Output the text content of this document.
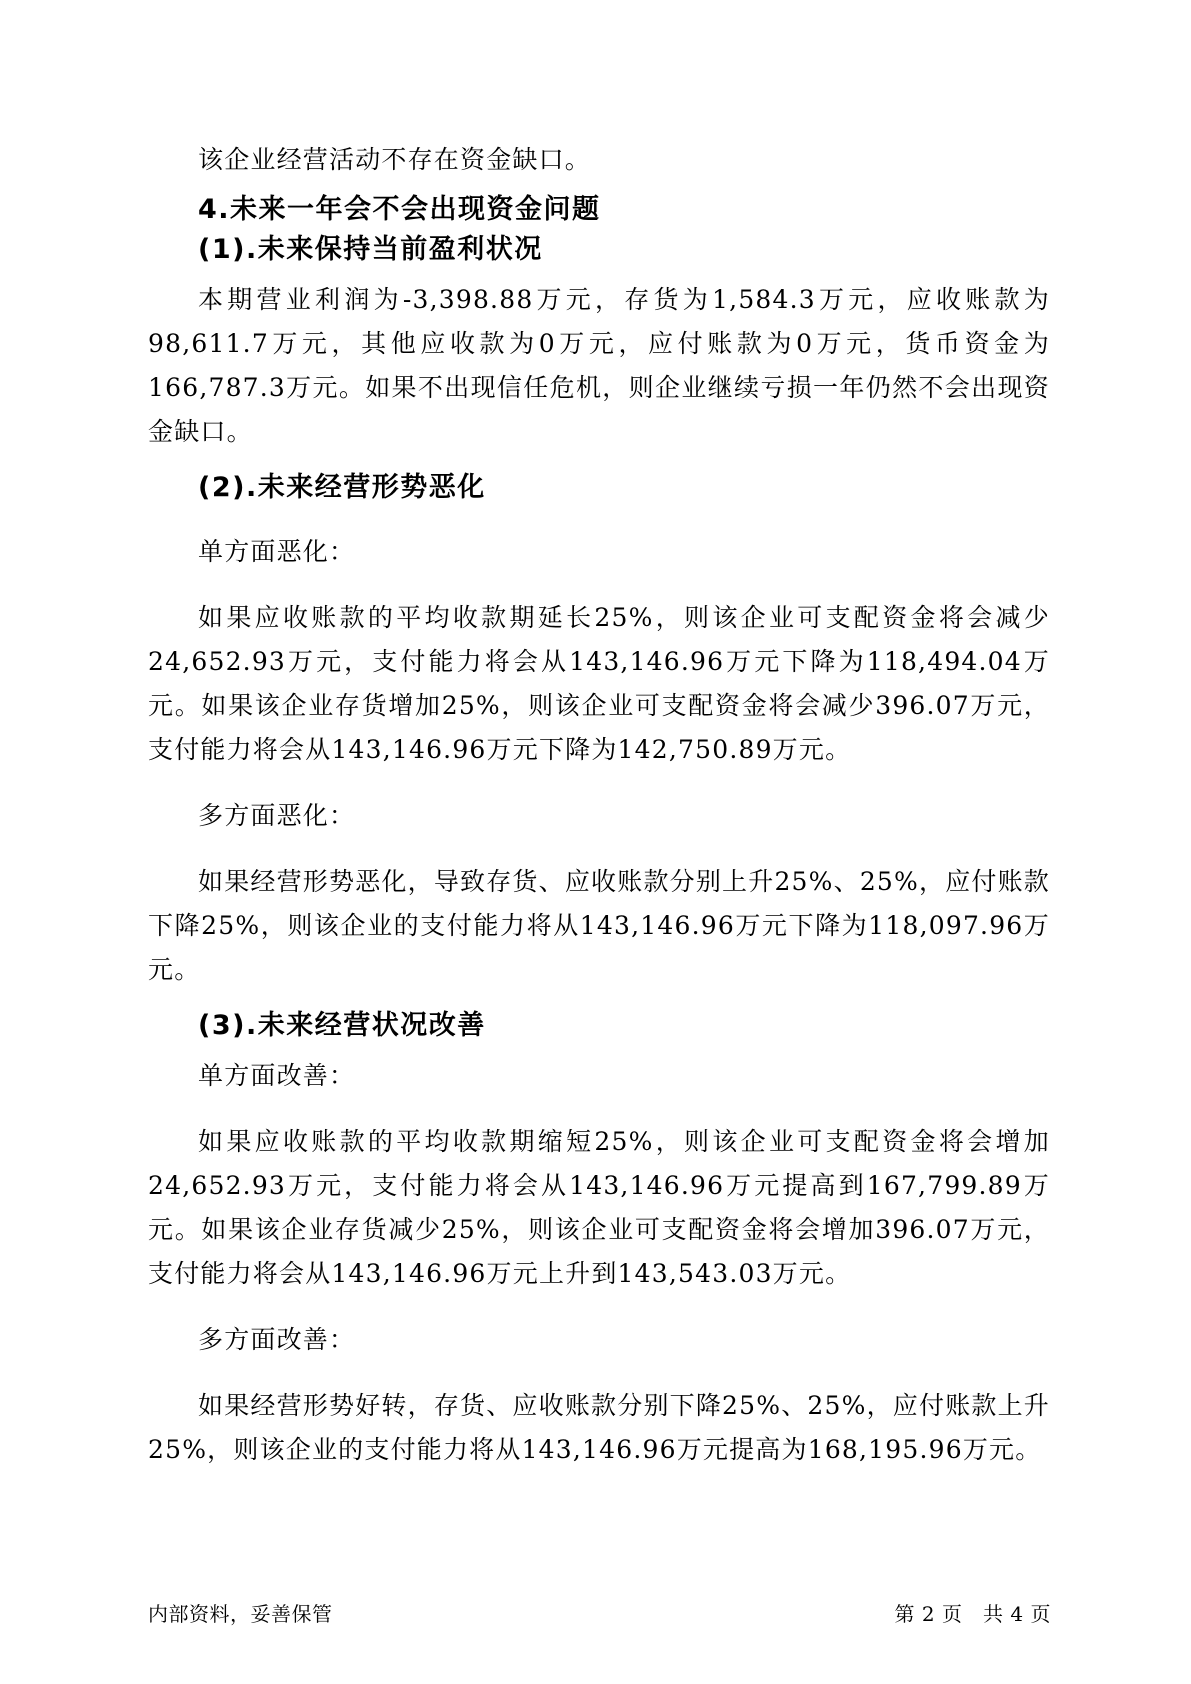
该企业经营活动不存在资金缺口。

4.未来一年会不会出现资金问题
(1).未来保持当前盈利状况

本期营业利润为-3,398.88万元，存货为1,584.3万元，应收账款为98,611.7万元，其他应收款为0万元，应付账款为0万元，货币资金为166,787.3万元。如果不出现信任危机，则企业继续亏损一年仍然不会出现资金缺口。

(2).未来经营形势恶化

单方面恶化：

如果应收账款的平均收款期延长25%，则该企业可支配资金将会减少24,652.93万元，支付能力将会从143,146.96万元下降为118,494.04万元。如果该企业存货增加25%，则该企业可支配资金将会减少396.07万元，支付能力将会从143,146.96万元下降为142,750.89万元。

多方面恶化：

如果经营形势恶化，导致存货、应收账款分别上升25%、25%，应付账款下降25%，则该企业的支付能力将从143,146.96万元下降为118,097.96万元。

(3).未来经营状况改善

单方面改善：

如果应收账款的平均收款期缩短25%，则该企业可支配资金将会增加24,652.93万元，支付能力将会从143,146.96万元提高到167,799.89万元。如果该企业存货减少25%，则该企业可支配资金将会增加396.07万元，支付能力将会从143,146.96万元上升到143,543.03万元。

多方面改善：

如果经营形势好转，存货、应收账款分别下降25%、25%，应付账款上升25%，则该企业的支付能力将从143,146.96万元提高为168,195.96万元。

内部资料，妥善保管	第 2 页   共 4 页
